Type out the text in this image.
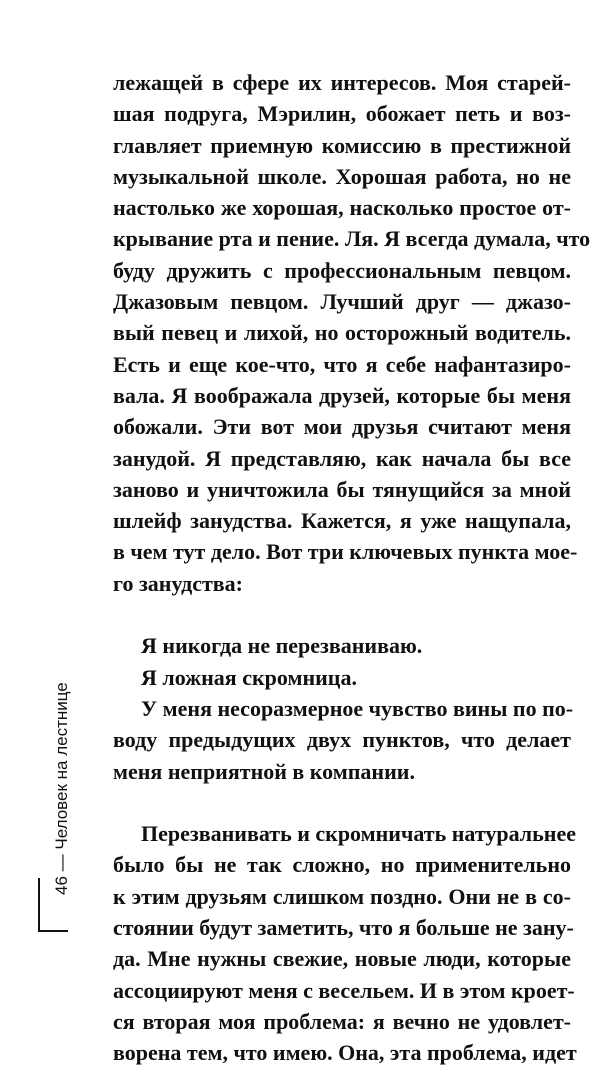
лежащей в сфере их интересов. Моя старей-
шая подруга, Мэрилин, обожает петь и воз-
главляет приемную комиссию в престижной
музыкальной школе. Хорошая работа, но не
настолько же хорошая, насколько простое от-
крывание рта и пение. Ля. Я всегда думала, что
буду дружить с профессиональным певцом.
Джазовым певцом. Лучший друг — джазо-
вый певец и лихой, но осторожный водитель.
Есть и еще кое-что, что я себе нафантазиро-
вала. Я воображала друзей, которые бы меня
обожали. Эти вот мои друзья считают меня
занудой. Я представляю, как начала бы все
заново и уничтожила бы тянущийся за мной
шлейф занудства. Кажется, я уже нащупала,
в чем тут дело. Вот три ключевых пункта мое-
го занудства:
Я никогда не перезваниваю.
Я ложная скромница.
У меня несоразмерное чувство вины по по-
воду предыдущих двух пунктов, что делает
меня неприятной в компании.
Перезванивать и скромничать натуральнее
было бы не так сложно, но применительно
к этим друзьям слишком поздно. Они не в со-
стоянии будут заметить, что я больше не зану-
да. Мне нужны свежие, новые люди, которые
ассоциируют меня с весельем. И в этом кроет-
ся вторая моя проблема: я вечно не удовлет-
ворена тем, что имею. Она, эта проблема, идет
46 — Человек на лестнице
